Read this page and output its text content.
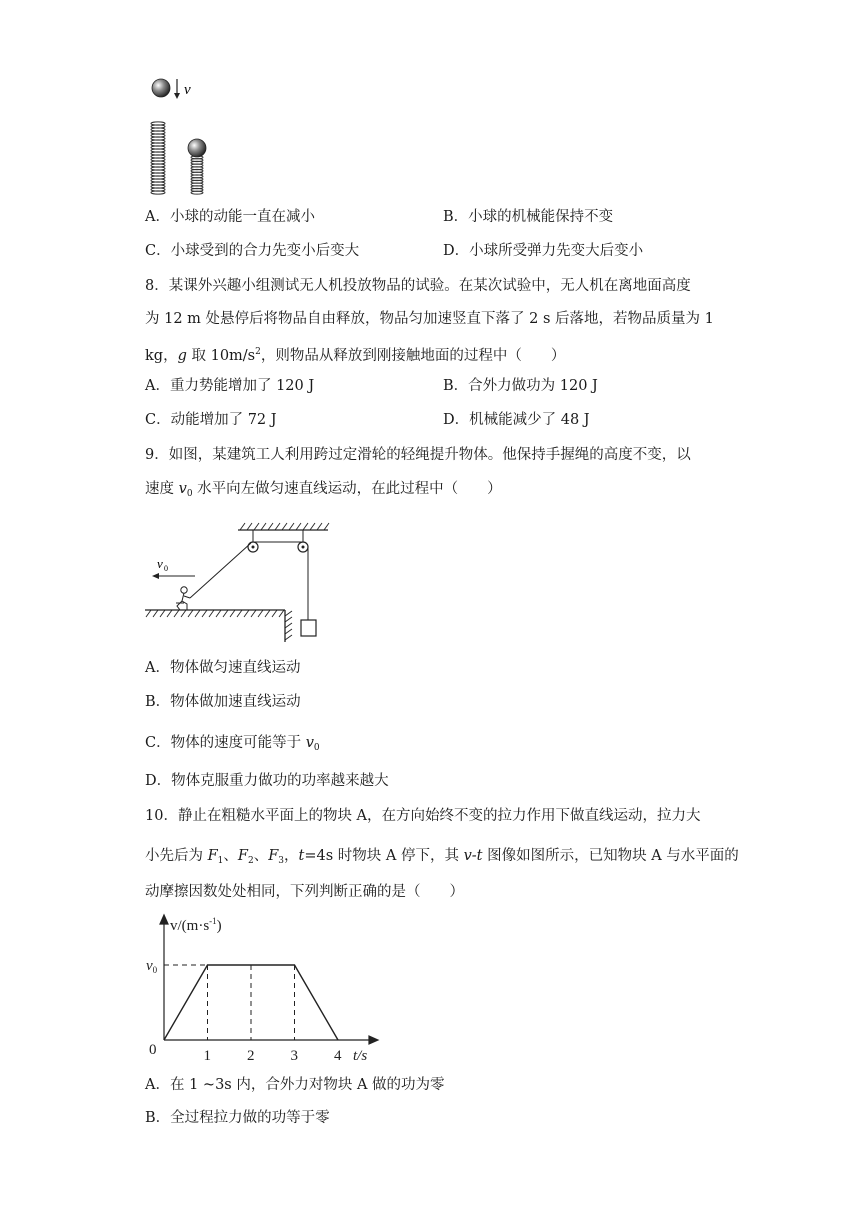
v
A．小球的动能一直在减小	B．小球的机械能保持不变
C．小球受到的合力先变小后变大	D．小球所受弹力先变大后变小
8．某课外兴趣小组测试无人机投放物品的试验。在某次试验中，无人机在离地面高度
为 12 m 处悬停后将物品自由释放，物品匀加速竖直下落了 2 s 后落地，若物品质量为 1
kg，g 取 $10m/s^2$，则物品从释放到刚接触地面的过程中（　　）
A．重力势能增加了 120 J	B．合外力做功为 120 J
C．动能增加了 72 J	D．机械能减少了 48 J
9．如图，某建筑工人利用跨过定滑轮的轻绳提升物体。他保持手握绳的高度不变，以
速度 $v_0$ 水平向左做匀速直线运动，在此过程中（　　）
v 0
A．物体做匀速直线运动
B．物体做加速直线运动
C．物体的速度可能等于 $v_0$
D．物体克服重力做功的功率越来越大
10．静止在粗糙水平面上的物块 A，在方向始终不变的拉力作用下做直线运动，拉力大
小先后为 $F_1$、$F_2$、$F_3$，t=4s 时物块 A 停下，其 v-t 图像如图所示，已知物块 A 与水平面的
动摩擦因数处处相同，下列判断正确的是（　　）
1 2 3 4
0
$v_0$
$v/(m\cdot s^{-1})$
t/s
A．在 1 ~3s 内，合外力对物块 A 做的功为零
B．全过程拉力做的功等于零
